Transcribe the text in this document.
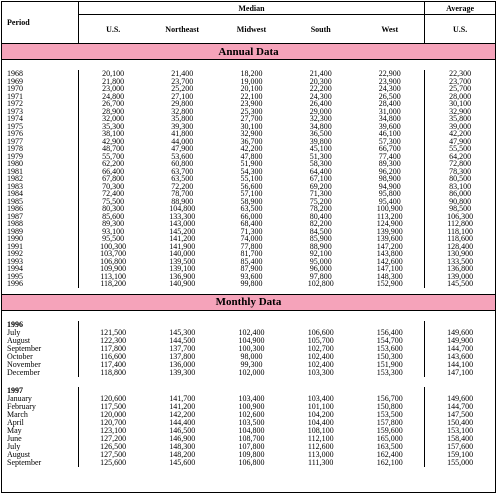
Period	Median					Average
	U.S.	Northeast	Midwest	South	West	U.S.
Annual Data						

1968	20,100	21,400	18,200	21,400	22,900	22,300
1969	21,800	23,700	19,000	20,300	23,900	23,700
1970	23,000	25,200	20,100	22,200	24,300	25,700
1971	24,800	27,100	22,100	24,300	26,500	28,000
1972	26,700	29,800	23,900	26,400	28,400	30,100
1973	28,900	32,800	25,300	29,000	31,000	32,900
1974	32,000	35,800	27,700	32,300	34,800	35,800
1975	35,300	39,300	30,100	34,800	39,600	39,000
1976	38,100	41,800	32,900	36,500	46,100	42,200
1977	42,900	44,000	36,700	39,800	57,300	47,900
1978	48,700	47,900	42,200	45,100	66,700	55,500
1979	55,700	53,600	47,800	51,300	77,400	64,200
1980	62,200	60,800	51,900	58,300	89,300	72,800
1981	66,400	63,700	54,300	64,400	96,200	78,300
1982	67,800	63,500	55,100	67,100	98,900	80,500
1983	70,300	72,200	56,600	69,200	94,900	83,100
1984	72,400	78,700	57,100	71,300	95,800	86,000
1985	75,500	88,900	58,900	75,200	95,400	90,800
1986	80,300	104,800	63,500	78,200	100,900	98,500
1987	85,600	133,300	66,000	80,400	113,200	106,300
1988	89,300	143,000	68,400	82,200	124,900	112,800
1989	93,100	145,200	71,300	84,500	139,900	118,100
1990	95,500	141,200	74,000	85,900	139,600	118,600
1991	100,300	141,900	77,800	88,900	147,200	128,400
1992	103,700	140,000	81,700	92,100	143,800	130,900
1993	106,800	139,500	85,400	95,000	142,600	133,500
1994	109,900	139,100	87,900	96,000	147,100	136,800
1995	113,100	136,900	93,600	97,800	148,300	139,000
1996	118,200	140,900	99,800	102,800	152,900	145,500

Monthly Data						

1996						
July	121,500	145,300	102,400	106,600	156,400	149,600
August	122,300	144,500	104,900	105,700	154,700	149,900
September	117,800	137,700	100,300	102,700	153,600	144,700
October	116,600	137,800	98,000	102,400	150,300	143,600
November	117,400	136,000	99,300	102,400	151,900	144,100
December	118,800	139,300	102,000	103,300	153,300	147,100

1997						
January	120,600	141,700	103,400	103,400	156,700	149,600
February	117,500	141,200	100,900	101,100	150,800	144,700
March	120,000	142,200	102,600	104,200	153,500	147,500
April	120,700	144,400	103,500	104,400	157,800	150,400
May	123,100	146,500	104,800	108,100	159,600	153,100
June	127,200	146,900	108,700	112,100	165,000	158,400
July	126,500	148,300	107,800	112,600	163,500	157,600
August	127,500	148,200	109,800	113,000	162,400	159,100
September	125,600	145,600	106,800	111,300	162,100	155,000
